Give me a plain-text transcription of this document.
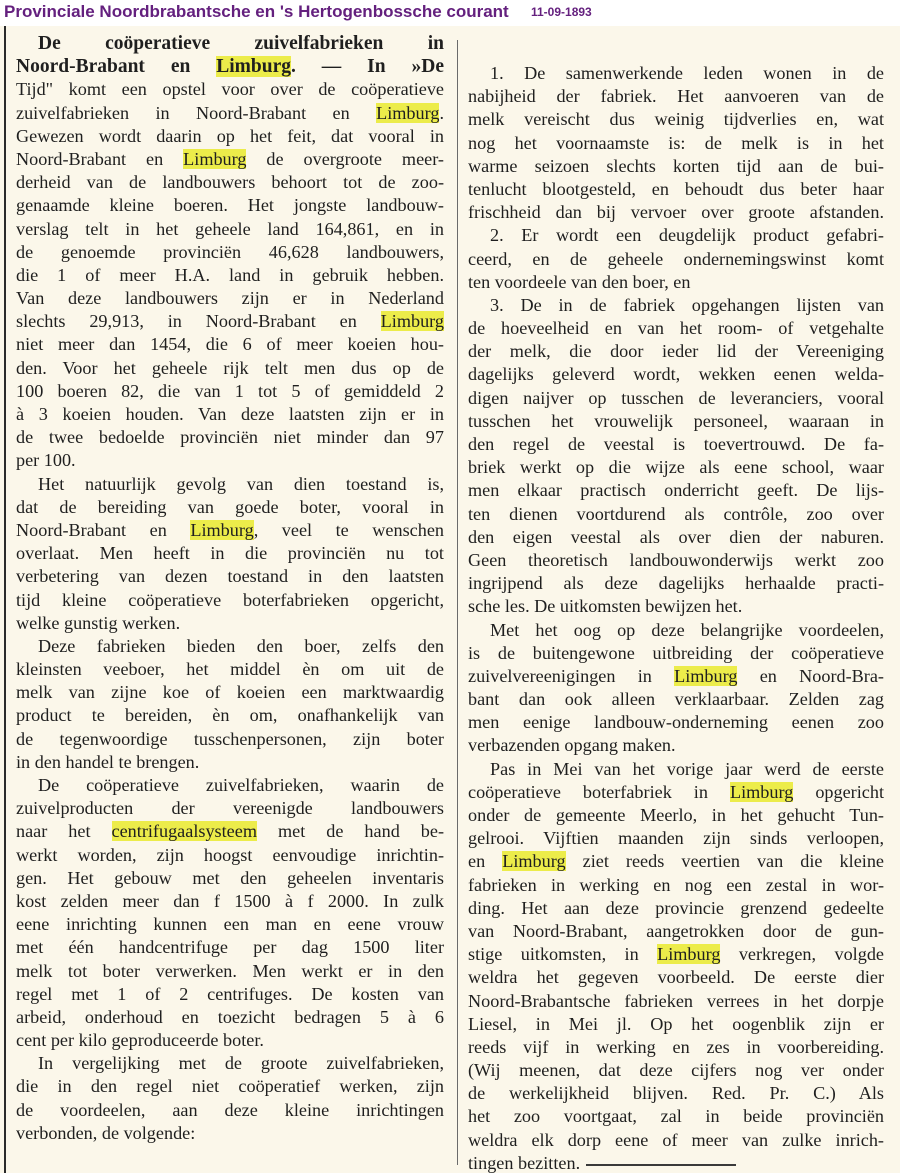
Provinciale Noordbrabantsche en 's Hertogenbossche courant 11-09-1893
De coöperatieve zuivelfabrieken in
Noord-Brabant en Limburg. — In »De
Tijd" komt een opstel voor over de coöperatieve
zuivelfabrieken in Noord-Brabant en Limburg.
Gewezen wordt daarin op het feit, dat vooral in
Noord-Brabant en Limburg de overgroote meer-
derheid van de landbouwers behoort tot de zoo-
genaamde kleine boeren. Het jongste landbouw-
verslag telt in het geheele land 164,861, en in
de genoemde provinciën 46,628 landbouwers,
die 1 of meer H.A. land in gebruik hebben.
Van deze landbouwers zijn er in Nederland
slechts 29,913, in Noord-Brabant en Limburg
niet meer dan 1454, die 6 of meer koeien hou-
den. Voor het geheele rijk telt men dus op de
100 boeren 82, die van 1 tot 5 of gemiddeld 2
à 3 koeien houden. Van deze laatsten zijn er in
de twee bedoelde provinciën niet minder dan 97
per 100.
Het natuurlijk gevolg van dien toestand is,
dat de bereiding van goede boter, vooral in
Noord-Brabant en Limburg, veel te wenschen
overlaat. Men heeft in die provinciën nu tot
verbetering van dezen toestand in den laatsten
tijd kleine coöperatieve boterfabrieken opgericht,
welke gunstig werken.
Deze fabrieken bieden den boer, zelfs den
kleinsten veeboer, het middel èn om uit de
melk van zijne koe of koeien een marktwaardig
product te bereiden, èn om, onafhankelijk van
de tegenwoordige tusschenpersonen, zijn boter
in den handel te brengen.
De coöperatieve zuivelfabrieken, waarin de
zuivelproducten der vereenigde landbouwers
naar het centrifugaalsysteem met de hand be-
werkt worden, zijn hoogst eenvoudige inrichtin-
gen. Het gebouw met den geheelen inventaris
kost zelden meer dan f 1500 à f 2000. In zulk
eene inrichting kunnen een man en eene vrouw
met één handcentrifuge per dag 1500 liter
melk tot boter verwerken. Men werkt er in den
regel met 1 of 2 centrifuges. De kosten van
arbeid, onderhoud en toezicht bedragen 5 à 6
cent per kilo geproduceerde boter.
In vergelijking met de groote zuivelfabrieken,
die in den regel niet coöperatief werken, zijn
de voordeelen, aan deze kleine inrichtingen
verbonden, de volgende:
1. De samenwerkende leden wonen in de
nabijheid der fabriek. Het aanvoeren van de
melk vereischt dus weinig tijdverlies en, wat
nog het voornaamste is: de melk is in het
warme seizoen slechts korten tijd aan de bui-
tenlucht blootgesteld, en behoudt dus beter haar
frischheid dan bij vervoer over groote afstanden.
2. Er wordt een deugdelijk product gefabri-
ceerd, en de geheele ondernemingswinst komt
ten voordeele van den boer, en
3. De in de fabriek opgehangen lijsten van
de hoeveelheid en van het room- of vetgehalte
der melk, die door ieder lid der Vereeniging
dagelijks geleverd wordt, wekken eenen welda-
digen naijver op tusschen de leveranciers, vooral
tusschen het vrouwelijk personeel, waaraan in
den regel de veestal is toevertrouwd. De fa-
briek werkt op die wijze als eene school, waar
men elkaar practisch onderricht geeft. De lijs-
ten dienen voortdurend als contrôle, zoo over
den eigen veestal als over dien der naburen.
Geen theoretisch landbouwonderwijs werkt zoo
ingrijpend als deze dagelijks herhaalde practi-
sche les. De uitkomsten bewijzen het.
Met het oog op deze belangrijke voordeelen,
is de buitengewone uitbreiding der coöperatieve
zuivelvereenigingen in Limburg en Noord-Bra-
bant dan ook alleen verklaarbaar. Zelden zag
men eenige landbouw-onderneming eenen zoo
verbazenden opgang maken.
Pas in Mei van het vorige jaar werd de eerste
coöperatieve boterfabriek in Limburg opgericht
onder de gemeente Meerlo, in het gehucht Tun-
gelrooi. Vijftien maanden zijn sinds verloopen,
en Limburg ziet reeds veertien van die kleine
fabrieken in werking en nog een zestal in wor-
ding. Het aan deze provincie grenzend gedeelte
van Noord-Brabant, aangetrokken door de gun-
stige uitkomsten, in Limburg verkregen, volgde
weldra het gegeven voorbeeld. De eerste dier
Noord-Brabantsche fabrieken verrees in het dorpje
Liesel, in Mei jl. Op het oogenblik zijn er
reeds vijf in werking en zes in voorbereiding.
(Wij meenen, dat deze cijfers nog ver onder
de werkelijkheid blijven. Red. Pr. C.) Als
het zoo voortgaat, zal in beide provinciën
weldra elk dorp eene of meer van zulke inrich-
tingen bezitten.
